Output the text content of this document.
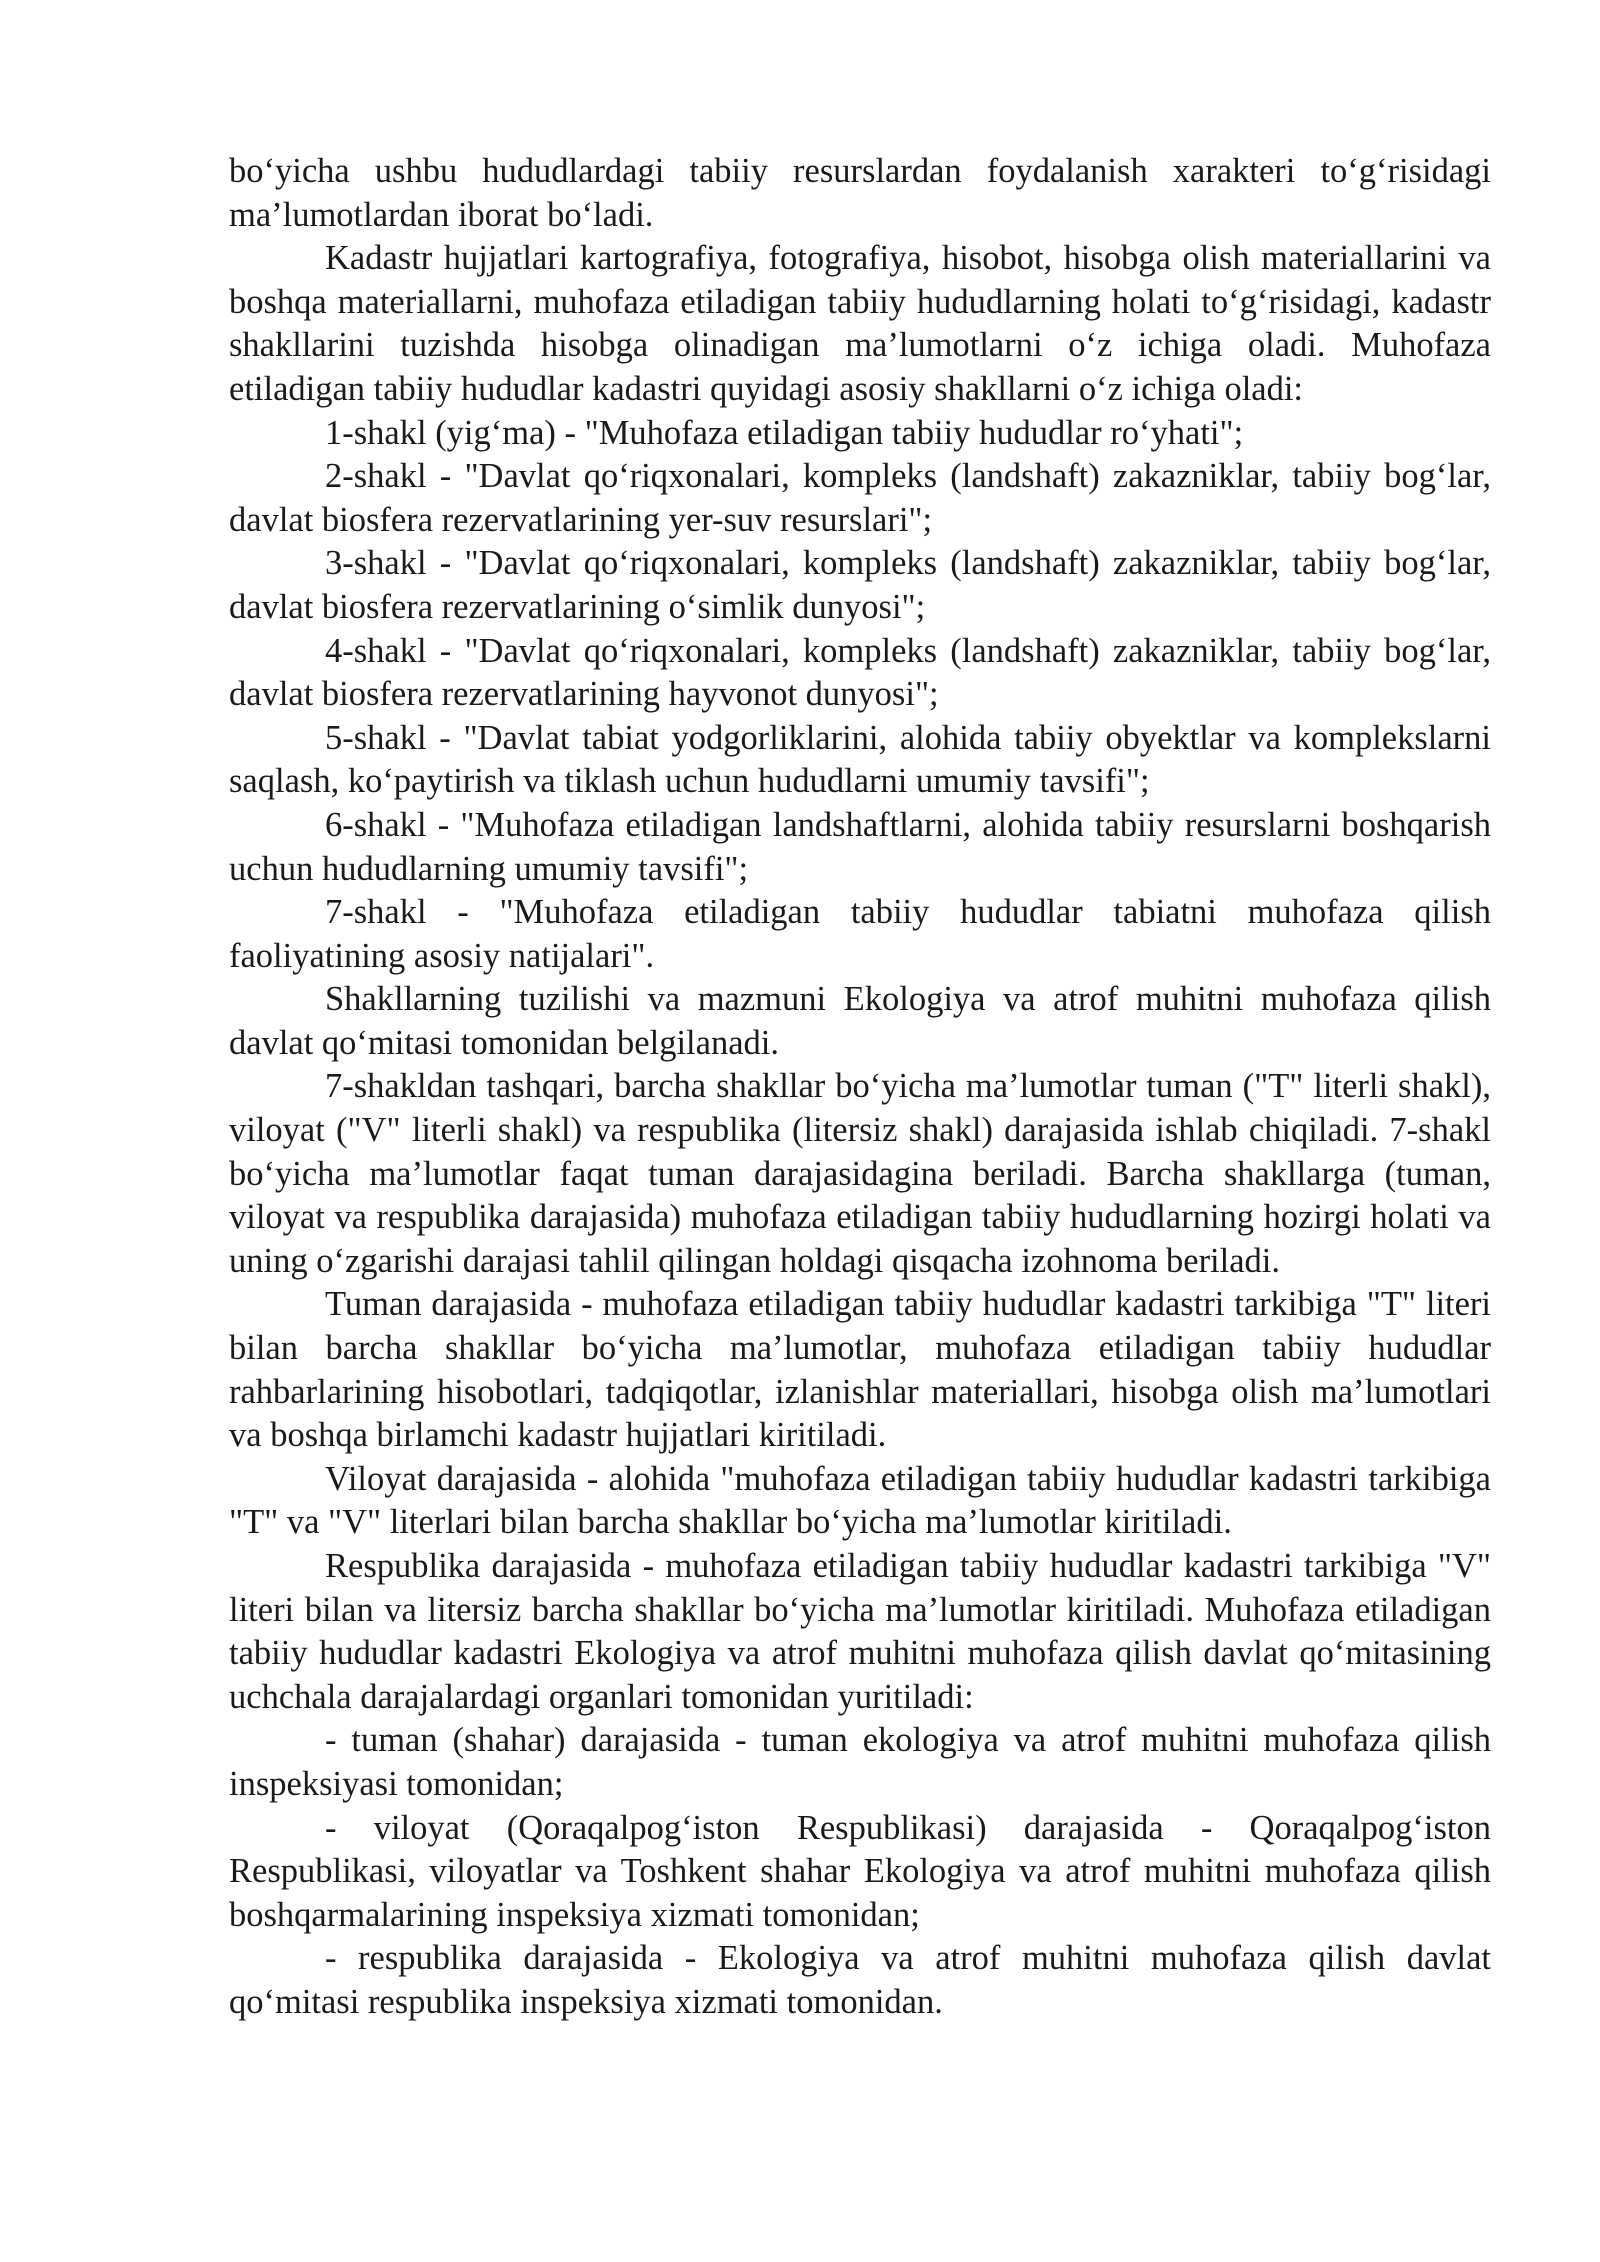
bo‘yicha ushbu hududlardagi tabiiy resurslardan foydalanish xarakteri to‘g‘risidagi ma’lumotlardan iborat bo‘ladi.

Kadastr hujjatlari kartografiya, fotografiya, hisobot, hisobga olish materiallarini va boshqa materiallarni, muhofaza etiladigan tabiiy hududlarning holati to‘g‘risidagi, kadastr shakllarini tuzishda hisobga olinadigan ma’lumotlarni o‘z ichiga oladi. Muhofaza etiladigan tabiiy hududlar kadastri quyidagi asosiy shakllarni o‘z ichiga oladi:

1-shakl (yig‘ma) - "Muhofaza etiladigan tabiiy hududlar ro‘yhati";

2-shakl - "Davlat qo‘riqxonalari, kompleks (landshaft) zakazniklar, tabiiy bog‘lar, davlat biosfera rezervatlarining yer-suv resurslari";

3-shakl - "Davlat qo‘riqxonalari, kompleks (landshaft) zakazniklar, tabiiy bog‘lar, davlat biosfera rezervatlarining o‘simlik dunyosi";

4-shakl - "Davlat qo‘riqxonalari, kompleks (landshaft) zakazniklar, tabiiy bog‘lar, davlat biosfera rezervatlarining hayvonot dunyosi";

5-shakl - "Davlat tabiat yodgorliklarini, alohida tabiiy obyektlar va komplekslarni saqlash, ko‘paytirish va tiklash uchun hududlarni umumiy tavsifi";

6-shakl - "Muhofaza etiladigan landshaftlarni, alohida tabiiy resurslarni boshqarish uchun hududlarning umumiy tavsifi";

7-shakl - "Muhofaza etiladigan tabiiy hududlar tabiatni muhofaza qilish faoliyatining asosiy natijalari".

Shakllarning tuzilishi va mazmuni Ekologiya va atrof muhitni muhofaza qilish davlat qo‘mitasi tomonidan belgilanadi.

7-shakldan tashqari, barcha shakllar bo‘yicha ma’lumotlar tuman ("T" literli shakl), viloyat ("V" literli shakl) va respublika (litersiz shakl) darajasida ishlab chiqiladi. 7-shakl bo‘yicha ma’lumotlar faqat tuman darajasidagina beriladi. Barcha shakllarga (tuman, viloyat va respublika darajasida) muhofaza etiladigan tabiiy hududlarning hozirgi holati va uning o‘zgarishi darajasi tahlil qilingan holdagi qisqacha izohnoma beriladi.

Tuman darajasida - muhofaza etiladigan tabiiy hududlar kadastri tarkibiga "T" literi bilan barcha shakllar bo‘yicha ma’lumotlar, muhofaza etiladigan tabiiy hududlar rahbarlarining hisobotlari, tadqiqotlar, izlanishlar materiallari, hisobga olish ma’lumotlari va boshqa birlamchi kadastr hujjatlari kiritiladi.

Viloyat darajasida - alohida "muhofaza etiladigan tabiiy hududlar kadastri tarkibiga "T" va "V" literlari bilan barcha shakllar bo‘yicha ma’lumotlar kiritiladi.

Respublika darajasida - muhofaza etiladigan tabiiy hududlar kadastri tarkibiga "V" literi bilan va litersiz barcha shakllar bo‘yicha ma’lumotlar kiritiladi. Muhofaza etiladigan tabiiy hududlar kadastri Ekologiya va atrof muhitni muhofaza qilish davlat qo‘mitasining uchchala darajalardagi organlari tomonidan yuritiladi:

- tuman (shahar) darajasida - tuman ekologiya va atrof muhitni muhofaza qilish inspeksiyasi tomonidan;

- viloyat (Qoraqalpog‘iston Respublikasi) darajasida - Qoraqalpog‘iston Respublikasi, viloyatlar va Toshkent shahar Ekologiya va atrof muhitni muhofaza qilish boshqarmalarining inspeksiya xizmati tomonidan;

- respublika darajasida - Ekologiya va atrof muhitni muhofaza qilish davlat qo‘mitasi respublika inspeksiya xizmati tomonidan.
